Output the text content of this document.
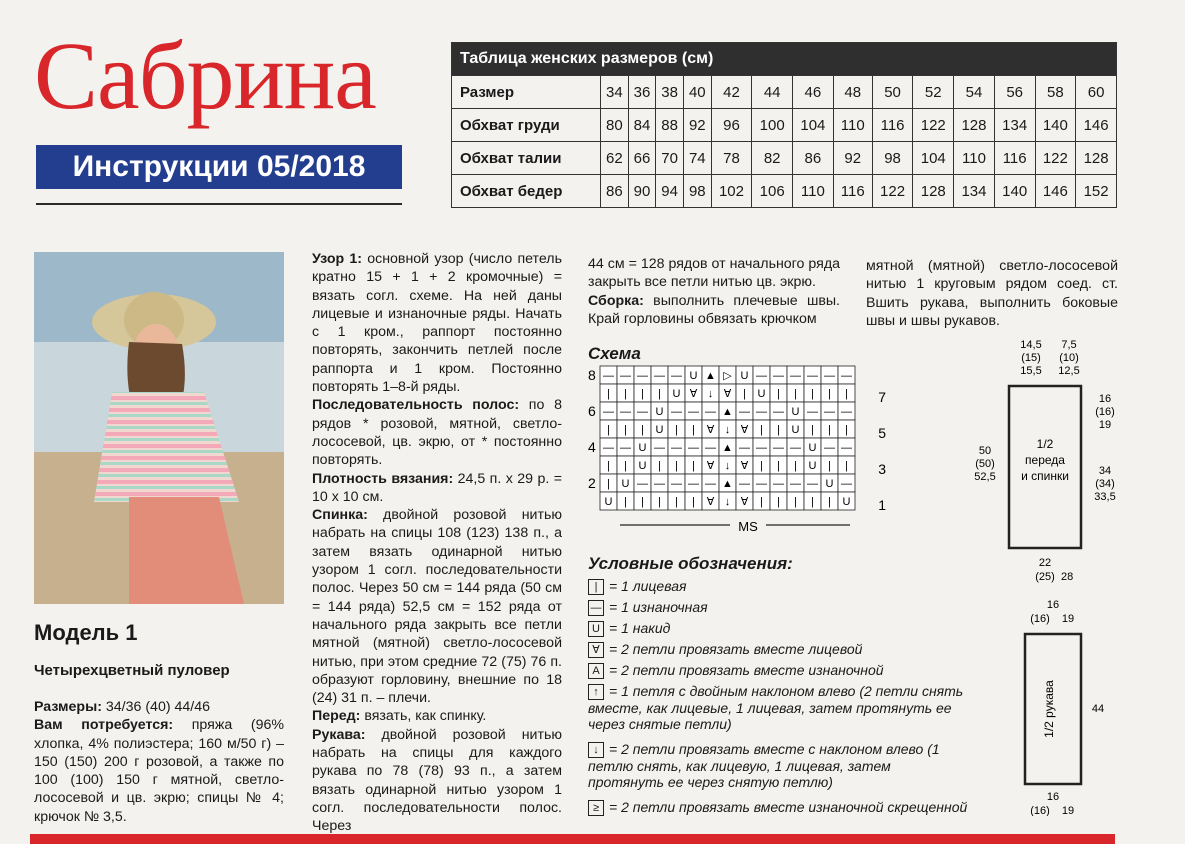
Сабрина
Инструкции 05/2018
Таблица женских размеров (см)														
Размер	34	36	38	40	42	44	46	48	50	52	54	56	58	60
Обхват груди	80	84	88	92	96	100	104	110	116	122	128	134	140	146
Обхват талии	62	66	70	74	78	82	86	92	98	104	110	116	122	128
Обхват бедер	86	90	94	98	102	106	110	116	122	128	134	140	146	152
Модель 1
Четырехцветный пуловер
Размеры: 34/36 (40) 44/46
Вам потребуется: пряжа (96% хлопка, 4% полиэстера; 160 м/50 г) – 150 (150) 200 г розовой, а также по 100 (100) 150 г мятной, светло-лососевой и цв. экрю; спицы № 4; крючок № 3,5.
Узор 1: основной узор (число петель кратно 15 + 1 + 2 кромочные) = вязать согл. схеме. На ней даны лицевые и изнаночные ряды. Начать с 1 кром., раппорт постоянно повторять, закончить петлей после раппорта и 1 кром. Постоянно повторять 1–8-й ряды.
Последовательность полос: по 8 рядов * розовой, мятной, светло-лососевой, цв. экрю, от * постоянно повторять.
Плотность вязания: 24,5 п. х 29 р. = 10 х 10 см.
Спинка: двойной розовой нитью набрать на спицы 108 (123) 138 п., а затем вязать одинарной нитью узором 1 согл. последовательности полос. Через 50 см = 144 ряда (50 см = 144 ряда) 52,5 см = 152 ряда от начального ряда закрыть все петли мятной (мятной) светло-лососевой нитью, при этом средние 72 (75) 76 п. образуют горловину, внешние по 18 (24) 31 п. – плечи.
Перед: вязать, как спинку.
Рукава: двойной розовой нитью набрать на спицы для каждого рукава по 78 (78) 93 п., а затем вязать одинарной нитью узором 1 согл. последовательности полос. Через
44 см = 128 рядов от начального ряда закрыть все петли нитью цв. экрю.
Сборка: выполнить плечевые швы. Край горловины обвязать крючком
мятной (мятной) светло-лососевой нитью 1 круговым рядом соед. ст. Вшить рукава, выполнить боковые швы и швы рукавов.
Схема
— — — — — U ▲ ▷ U — — — — — —
| | | | U ∀ ↓ ∀ | U | | | | |
— — — U — — — ▲ — — — U — — —
| | | U | | ∀ ↓ ∀ | | U | | |
— — U — — — — ▲ — — — — U — —
| | U | | | ∀ ↓ ∀ | | | U | |
| U — — — — — ▲ — — — — — U —
U | | | | | ∀ ↓ ∀ | | | | | U
8
6
4
2
7
5
3
1
MS
Условные обозначения:
| = 1 лицевая
— = 1 изнаночная
U = 1 накид
∀ = 2 петли провязать вместе лицевой
A = 2 петли провязать вместе изнаночной
↑ = 1 петля с двойным наклоном влево (2 петли снять вместе, как лицевые, 1 лицевая, затем протянуть ее через снятые петли)
↓ = 2 петли провязать вместе с наклоном влево (1 петлю снять, как лицевую, 1 лицевая, затем протянуть ее через снятую петлю)
≥ = 2 петли провязать вместе изнаночной скрещенной
14,5
(15)
15,5
7,5
(10)
12,5
50
(50)
52,5
16
(16)
19
34
(34)
33,5
22
(25) 28
1/2 переда и спинки
16
(16) 19
44
16
(16) 19
1/2 рукава
